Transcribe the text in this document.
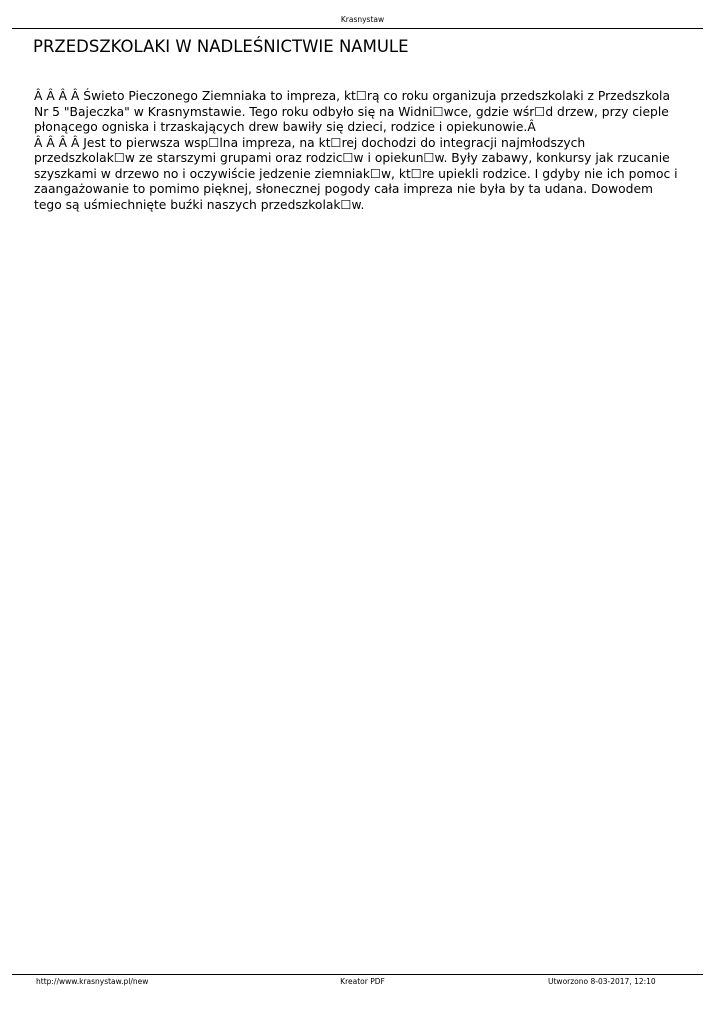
Krasnystaw
PRZEDSZKOLAKI W NADLEŚNICTWIE NAMULE

Â Â Â Â Świeto Pieczonego Ziemniaka to impreza, kt☐rą co roku organizuja przedszkolaki z Przedszkola Nr 5 "Bajeczka" w Krasnymstawie. Tego roku odbyło się na Widni☐wce, gdzie wśr☐d drzew, przy cieple płonącego ogniska i trzaskających drew bawiły się dzieci, rodzice i opiekunowie.Â

Â Â Â Â Jest to pierwsza wsp☐lna impreza, na kt☐rej dochodzi do integracji najmłodszych przedszkolak☐w ze starszymi grupami oraz rodzic☐w i opiekun☐w. Były zabawy, konkursy jak rzucanie szyszkami w drzewo no i oczywiście jedzenie ziemniak☐w, kt☐re upiekli rodzice. I gdyby nie ich pomoc i zaangażowanie to pomimo pięknej, słonecznej pogody cała impreza nie była by ta udana. Dowodem tego są uśmiechnięte buźki naszych przedszkolak☐w.

http://www.krasnystaw.pl/new	Kreator PDF	Utworzono 8-03-2017, 12:10
